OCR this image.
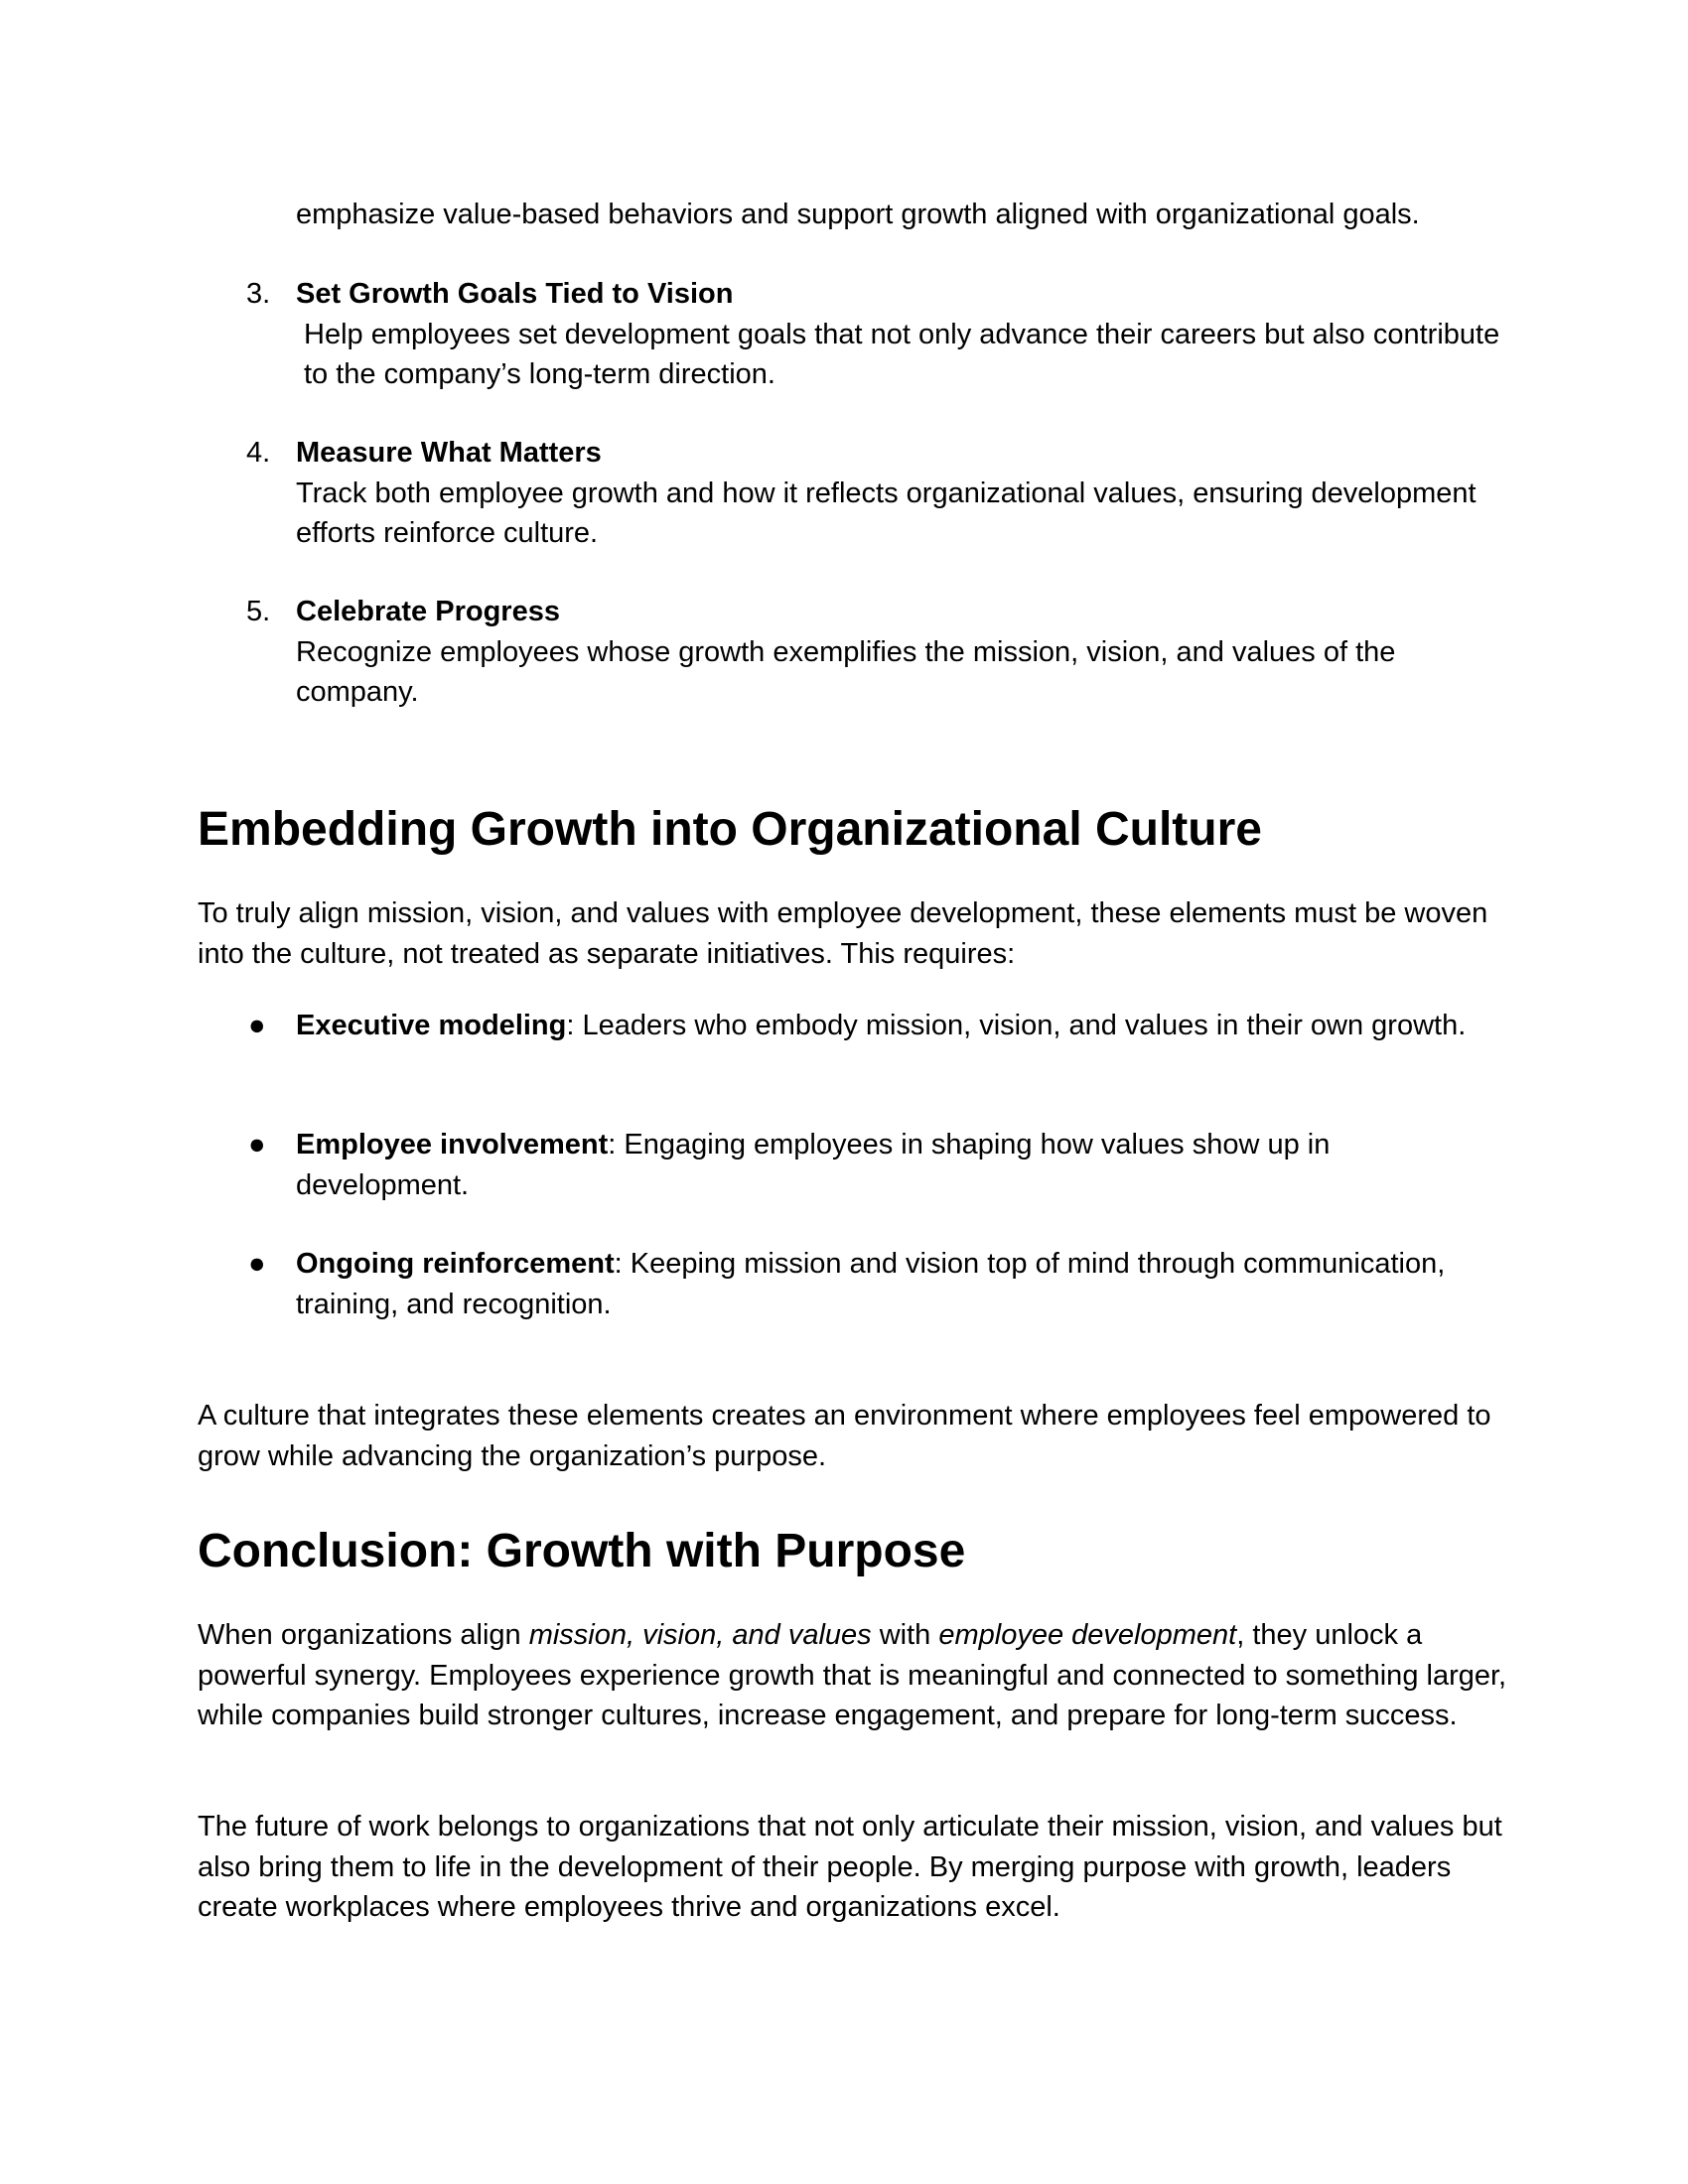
emphasize value-based behaviors and support growth aligned with organizational goals.

3. Set Growth Goals Tied to Vision
Help employees set development goals that not only advance their careers but also contribute to the company’s long-term direction.
4. Measure What Matters
Track both employee growth and how it reflects organizational values, ensuring development efforts reinforce culture.
5. Celebrate Progress
Recognize employees whose growth exemplifies the mission, vision, and values of the company.
Embedding Growth into Organizational Culture

To truly align mission, vision, and values with employee development, these elements must be woven into the culture, not treated as separate initiatives. This requires:

● Executive modeling: Leaders who embody mission, vision, and values in their own growth.
● Employee involvement: Engaging employees in shaping how values show up in development.
● Ongoing reinforcement: Keeping mission and vision top of mind through communication, training, and recognition.

A culture that integrates these elements creates an environment where employees feel empowered to grow while advancing the organization’s purpose.

Conclusion: Growth with Purpose

When organizations align mission, vision, and values with employee development, they unlock a powerful synergy. Employees experience growth that is meaningful and connected to something larger, while companies build stronger cultures, increase engagement, and prepare for long-term success.

The future of work belongs to organizations that not only articulate their mission, vision, and values but also bring them to life in the development of their people. By merging purpose with growth, leaders create workplaces where employees thrive and organizations excel.
